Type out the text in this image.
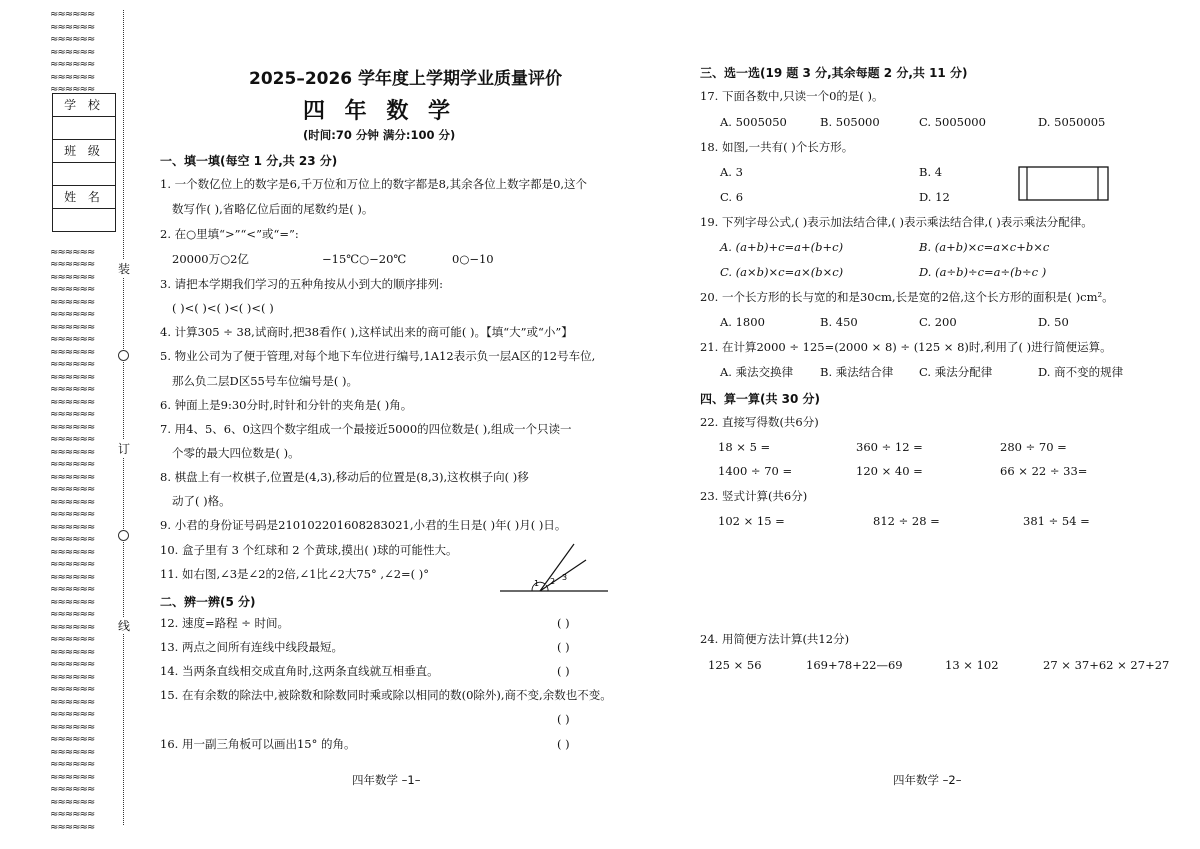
≈≈≈≈≈≈
≈≈≈≈≈≈
≈≈≈≈≈≈
≈≈≈≈≈≈
≈≈≈≈≈≈
≈≈≈≈≈≈
≈≈≈≈≈≈
≈≈≈≈≈≈
≈≈≈≈≈≈
≈≈≈≈≈≈
≈≈≈≈≈≈
≈≈≈≈≈≈
≈≈≈≈≈≈
≈≈≈≈≈≈
≈≈≈≈≈≈
≈≈≈≈≈≈
≈≈≈≈≈≈
≈≈≈≈≈≈
≈≈≈≈≈≈
≈≈≈≈≈≈
≈≈≈≈≈≈
≈≈≈≈≈≈
≈≈≈≈≈≈
≈≈≈≈≈≈
≈≈≈≈≈≈
≈≈≈≈≈≈
≈≈≈≈≈≈
≈≈≈≈≈≈
≈≈≈≈≈≈
≈≈≈≈≈≈
≈≈≈≈≈≈
≈≈≈≈≈≈
≈≈≈≈≈≈
≈≈≈≈≈≈
≈≈≈≈≈≈
≈≈≈≈≈≈
≈≈≈≈≈≈
≈≈≈≈≈≈
≈≈≈≈≈≈
≈≈≈≈≈≈
≈≈≈≈≈≈
≈≈≈≈≈≈
≈≈≈≈≈≈
≈≈≈≈≈≈
≈≈≈≈≈≈
≈≈≈≈≈≈
≈≈≈≈≈≈
≈≈≈≈≈≈
≈≈≈≈≈≈
≈≈≈≈≈≈
≈≈≈≈≈≈
≈≈≈≈≈≈
≈≈≈≈≈≈
≈≈≈≈≈≈
学 校
班 级
姓 名
装
订
线
2025–2026 学年度上学期学业质量评价
四 年 数 学
(时间:70 分钟 满分:100 分)
一、填一填(每空 1 分,共 23 分)
1. 一个数亿位上的数字是6,千万位和万位上的数字都是8,其余各位上数字都是0,这个
数写作( ),省略亿位后面的尾数约是( )。
2. 在○里填“>”“<”或“=”:
20000万○2亿	−15℃○−20℃	0○−10
3. 请把本学期我们学习的五种角按从小到大的顺序排列:
( )<( )<( )<( )<( )
4. 计算305 ÷ 38,试商时,把38看作( ),这样试出来的商可能( )。【填“大”或“小”】
5. 物业公司为了便于管理,对每个地下车位进行编号,1A12表示负一层A区的12号车位,
那么负二层D区55号车位编号是( )。
6. 钟面上是9:30分时,时针和分针的夹角是( )角。
7. 用4、5、6、0这四个数字组成一个最接近5000的四位数是( ),组成一个只读一
个零的最大四位数是( )。
8. 棋盘上有一枚棋子,位置是(4,3),移动后的位置是(8,3),这枚棋子向( )移
动了( )格。
9. 小君的身份证号码是210102201608283021,小君的生日是( )年( )月( )日。
10. 盒子里有 3 个红球和 2 个黄球,摸出( )球的可能性大。
11. 如右图,∠3是∠2的2倍,∠1比∠2大75° ,∠2=( )°
1 2 3
二、辨一辨(5 分)
12. 速度=路程 ÷ 时间。	( )
13. 两点之间所有连线中线段最短。	( )
14. 当两条直线相交成直角时,这两条直线就互相垂直。	( )
15. 在有余数的除法中,被除数和除数同时乘或除以相同的数(0除外),商不变,余数也不变。
( )
16. 用一副三角板可以画出15° 的角。	( )
四年数学 –1–
三、选一选(19 题 3 分,其余每题 2 分,共 11 分)
17. 下面各数中,只读一个0的是( )。
A. 5005050	B. 505000	C. 5005000	D. 5050005
18. 如图,一共有( )个长方形。
A. 3	B. 4
C. 6	D. 12
19. 下列字母公式,( )表示加法结合律,( )表示乘法结合律,( )表示乘法分配律。
A. (a+b)+c=a+(b+c)	B. (a+b)×c=a×c+b×c
C. (a×b)×c=a×(b×c)	D. (a÷b)÷c=a÷(b÷c )
20. 一个长方形的长与宽的和是30cm,长是宽的2倍,这个长方形的面积是( )cm²。
A. 1800	B. 450	C. 200	D. 50
21. 在计算2000 ÷ 125=(2000 × 8) ÷ (125 × 8)时,利用了( )进行简便运算。
A. 乘法交换律 B. 乘法结合律 C. 乘法分配律	D. 商不变的规律
四、算一算(共 30 分)
22. 直接写得数(共6分)
18 × 5 =	360 ÷ 12 =	280 ÷ 70 =
1400 ÷ 70 =	120 × 40 =	66 × 22 ÷ 33=
23. 竖式计算(共6分)
102 × 15 =	812 ÷ 28 =	381 ÷ 54 =
24. 用简便方法计算(共12分)
125 × 56	169+78+22—69	13 × 102	27 × 37+62 × 27+27
四年数学 –2–
